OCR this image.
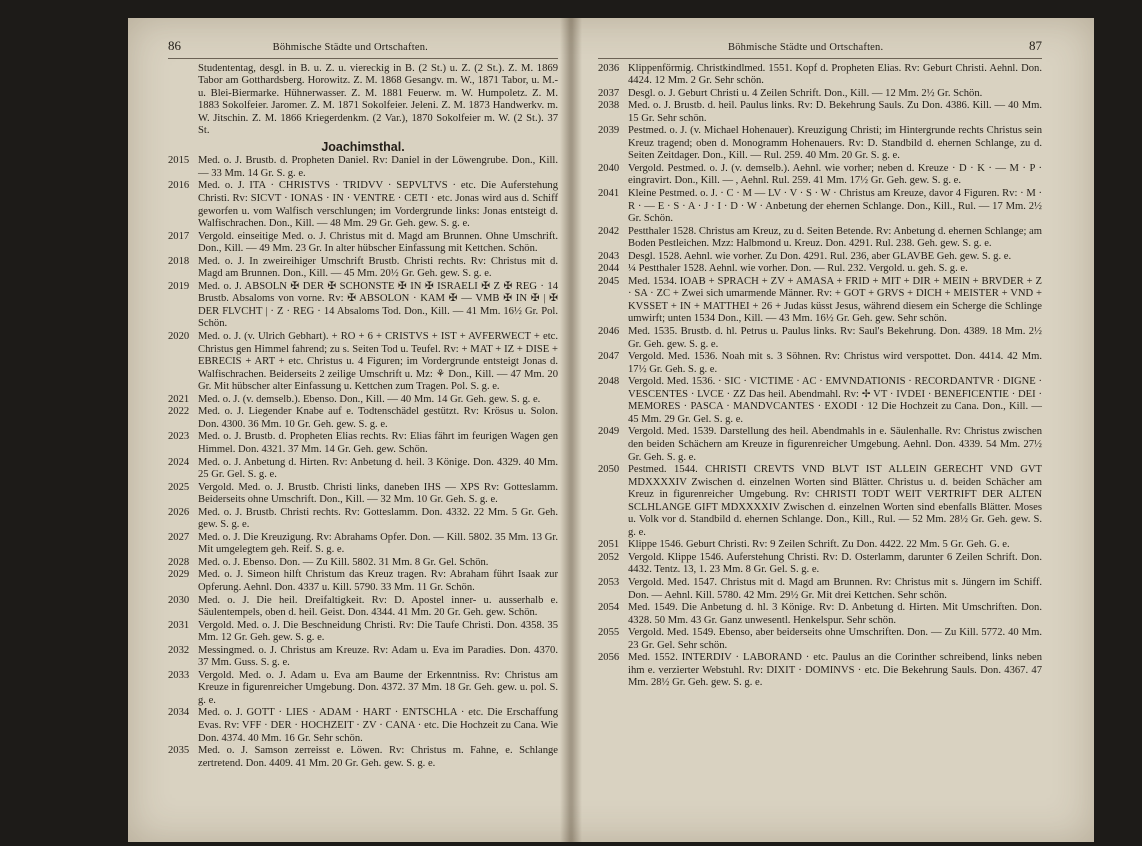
86	Böhmische Städte und Ortschaften.
Studententag, desgl. in B. u. Z. u. viereckig in B. (2 St.) u. Z. (2 St.). Z. M. 1869 Tabor am Gotthardsberg. Horowitz. Z. M. 1868 Gesangv. m. W., 1871 Tabor, u. M.- u. Blei-Biermarke. Hühnerwasser. Z. M. 1881 Feuerw. m. W. Humpoletz. Z. M. 1883 Sokolfeier. Jaromer. Z. M. 1871 Sokolfeier. Jeleni. Z. M. 1873 Handwerkv. m. W. Jitschin. Z. M. 1866 Kriegerdenkm. (2 Var.), 1870 Sokolfeier m. W. (2 St.). 37 St.
Joachimsthal.
2015 Med. o. J. Brustb. d. Propheten Daniel. Rv: Daniel in der Löwengrube. Don., Kill. — 33 Mm. 14 Gr. S. g. e.
2016 Med. o. J. ITA · CHRISTVS · TRIDVV · SEPVLTVS · etc. Die Auferstehung Christi. Rv: SICVT · IONAS · IN · VENTRE · CETI · etc. Jonas wird aus d. Schiff geworfen u. vom Walfisch verschlungen; im Vordergrunde links: Jonas entsteigt d. Walfischrachen. Don., Kill. — 48 Mm. 29 Gr. Geh. gew. S. g. e.
2017 Vergold. einseitige Med. o. J. Christus mit d. Magd am Brunnen. Ohne Umschrift. Don., Kill. — 49 Mm. 23 Gr. In alter hübscher Einfassung mit Kettchen. Schön.
2018 Med. o. J. In zweireihiger Umschrift Brustb. Christi rechts. Rv: Christus mit d. Magd am Brunnen. Don., Kill. — 45 Mm. 20½ Gr. Geh. gew. S. g. e.
2019 Med. o. J. ABSOLN ✠ DER ✠ SCHONSTE ✠ IN ✠ ISRAELI ✠ Z ✠ REG · 14 Brustb. Absaloms von vorne. Rv: ✠ ABSOLON · KAM ✠ — VMB ✠ IN ✠ | ✠ DER FLVCHT | · Z · REG · 14 Absaloms Tod. Don., Kill. — 41 Mm. 16½ Gr. Pol. Schön.
2020 Med. o. J. (v. Ulrich Gebhart). + RO + 6 + CRISTVS + IST + AVFERWECT + etc. Christus gen Himmel fahrend; zu s. Seiten Tod u. Teufel. Rv: + MAT + IZ + DISE + EBRECIS + ART + etc. Christus u. 4 Figuren; im Vordergrunde entsteigt Jonas d. Walfischrachen. Beiderseits 2 zeilige Umschrift u. Mz: ⚘ Don., Kill. — 47 Mm. 20 Gr. Mit hübscher alter Einfassung u. Kettchen zum Tragen. Pol. S. g. e.
2021 Med. o. J. (v. demselb.). Ebenso. Don., Kill. — 40 Mm. 14 Gr. Geh. gew. S. g. e.
2022 Med. o. J. Liegender Knabe auf e. Todtenschädel gestützt. Rv: Krösus u. Solon. Don. 4300. 36 Mm. 10 Gr. Geh. gew. S. g. e.
2023 Med. o. J. Brustb. d. Propheten Elias rechts. Rv: Elias fährt im feurigen Wagen gen Himmel. Don. 4321. 37 Mm. 14 Gr. Geh. gew. Schön.
2024 Med. o. J. Anbetung d. Hirten. Rv: Anbetung d. heil. 3 Könige. Don. 4329. 40 Mm. 25 Gr. Gel. S. g. e.
2025 Vergold. Med. o. J. Brustb. Christi links, daneben IHS — XPS Rv: Gotteslamm. Beiderseits ohne Umschrift. Don., Kill. — 32 Mm. 10 Gr. Geh. S. g. e.
2026 Med. o. J. Brustb. Christi rechts. Rv: Gotteslamm. Don. 4332. 22 Mm. 5 Gr. Geh. gew. S. g. e.
2027 Med. o. J. Die Kreuzigung. Rv: Abrahams Opfer. Don. — Kill. 5802. 35 Mm. 13 Gr. Mit umgelegtem geh. Reif. S. g. e.
2028 Med. o. J. Ebenso. Don. — Zu Kill. 5802. 31 Mm. 8 Gr. Gel. Schön.
2029 Med. o. J. Simeon hilft Christum das Kreuz tragen. Rv: Abraham führt Isaak zur Opferung. Aehnl. Don. 4337 u. Kill. 5790. 33 Mm. 11 Gr. Schön.
2030 Med. o. J. Die heil. Dreifaltigkeit. Rv: D. Apostel inner- u. ausserhalb e. Säulentempels, oben d. heil. Geist. Don. 4344. 41 Mm. 20 Gr. Geh. gew. Schön.
2031 Vergold. Med. o. J. Die Beschneidung Christi. Rv: Die Taufe Christi. Don. 4358. 35 Mm. 12 Gr. Geh. gew. S. g. e.
2032 Messingmed. o. J. Christus am Kreuze. Rv: Adam u. Eva im Paradies. Don. 4370. 37 Mm. Guss. S. g. e.
2033 Vergold. Med. o. J. Adam u. Eva am Baume der Erkenntniss. Rv: Christus am Kreuze in figurenreicher Umgebung. Don. 4372. 37 Mm. 18 Gr. Geh. gew. u. pol. S. g. e.
2034 Med. o. J. GOTT · LIES · ADAM · HART · ENTSCHLA · etc. Die Erschaffung Evas. Rv: VFF · DER · HOCHZEIT · ZV · CANA · etc. Die Hochzeit zu Cana. Wie Don. 4374. 40 Mm. 16 Gr. Sehr schön.
2035 Med. o. J. Samson zerreisst e. Löwen. Rv: Christus m. Fahne, e. Schlange zertretend. Don. 4409. 41 Mm. 20 Gr. Geh. gew. S. g. e.
Böhmische Städte und Ortschaften.	87
2036 Klippenförmig. Christkindlmed. 1551. Kopf d. Propheten Elias. Rv: Geburt Christi. Aehnl. Don. 4424. 12 Mm. 2 Gr. Sehr schön.
2037 Desgl. o. J. Geburt Christi u. 4 Zeilen Schrift. Don., Kill. — 12 Mm. 2½ Gr. Schön.
2038 Med. o. J. Brustb. d. heil. Paulus links. Rv: D. Bekehrung Sauls. Zu Don. 4386. Kill. — 40 Mm. 15 Gr. Sehr schön.
2039 Pestmed. o. J. (v. Michael Hohenauer). Kreuzigung Christi; im Hintergrunde rechts Christus sein Kreuz tragend; oben d. Monogramm Hohenauers. Rv: D. Standbild d. ehernen Schlange, zu d. Seiten Zeitdager. Don., Kill. — Rul. 259. 40 Mm. 20 Gr. S. g. e.
2040 Vergold. Pestmed. o. J. (v. demselb.). Aehnl. wie vorher; neben d. Kreuze · D · K · — M · P · eingravirt. Don., Kill. — , Aehnl. Rul. 259. 41 Mm. 17½ Gr. Geh. gew. S. g. e.
2041 Kleine Pestmed. o. J. · C · M — LV · V · S · W · Christus am Kreuze, davor 4 Figuren. Rv: · M · R · — E · S · A · J · I · D · W · Anbetung der ehernen Schlange. Don., Kill., Rul. — 17 Mm. 2½ Gr. Schön.
2042 Pestthaler 1528. Christus am Kreuz, zu d. Seiten Betende. Rv: Anbetung d. ehernen Schlange; am Boden Pestleichen. Mzz: Halbmond u. Kreuz. Don. 4291. Rul. 238. Geh. gew. S. g. e.
2043 Desgl. 1528. Aehnl. wie vorher. Zu Don. 4291. Rul. 236, aber GLAVBE Geh. gew. S. g. e.
2044 ¼ Pestthaler 1528. Aehnl. wie vorher. Don. — Rul. 232. Vergold. u. geh. S. g. e.
2045 Med. 1534. IOAB + SPRACH + ZV + AMASA + FRID + MIT + DIR + MEIN + BRVDER + Z · SA · ZC + Zwei sich umarmende Männer. Rv: + GOT + GRVS + DICH + MEISTER + VND + KVSSET + IN + MATTHEI + 26 + Judas küsst Jesus, während diesem ein Scherge die Schlinge umwirft; unten 1534 Don., Kill. — 43 Mm. 16½ Gr. Geh. gew. Sehr schön.
2046 Med. 1535. Brustb. d. hl. Petrus u. Paulus links. Rv: Saul's Bekehrung. Don. 4389. 18 Mm. 2½ Gr. Geh. gew. S. g. e.
2047 Vergold. Med. 1536. Noah mit s. 3 Söhnen. Rv: Christus wird verspottet. Don. 4414. 42 Mm. 17½ Gr. Geh. S. g. e.
2048 Vergold. Med. 1536. · SIC · VICTIME · AC · EMVNDATIONIS · RECORDANTVR · DIGNE · VESCENTES · LVCE · ZZ Das heil. Abendmahl. Rv: ✢ VT · IVDEI · BENEFICENTIE · DEI · MEMORES · PASCA · MANDVCANTES · EXODI · 12 Die Hochzeit zu Cana. Don., Kill. — 45 Mm. 29 Gr. Gel. S. g. e.
2049 Vergold. Med. 1539. Darstellung des heil. Abendmahls in e. Säulenhalle. Rv: Christus zwischen den beiden Schächern am Kreuze in figurenreicher Umgebung. Aehnl. Don. 4339. 54 Mm. 27½ Gr. Geh. S. g. e.
2050 Pestmed. 1544. CHRISTI CREVTS VND BLVT IST ALLEIN GERECHT VND GVT MDXXXXIV Zwischen d. einzelnen Worten sind Blätter. Christus u. d. beiden Schächer am Kreuz in figurenreicher Umgebung. Rv: CHRISTI TODT WEIT VERTRIFT DER ALTEN SCLHLANGE GIFT MDXXXXIV Zwischen d. einzelnen Worten sind ebenfalls Blätter. Moses u. Volk vor d. Standbild d. ehernen Schlange. Don., Kill., Rul. — 52 Mm. 28½ Gr. Geh. gew. S. g. e.
2051 Klippe 1546. Geburt Christi. Rv: 9 Zeilen Schrift. Zu Don. 4422. 22 Mm. 5 Gr. Geh. G. e.
2052 Vergold. Klippe 1546. Auferstehung Christi. Rv: D. Osterlamm, darunter 6 Zeilen Schrift. Don. 4432. Tentz. 13, 1. 23 Mm. 8 Gr. Gel. S. g. e.
2053 Vergold. Med. 1547. Christus mit d. Magd am Brunnen. Rv: Christus mit s. Jüngern im Schiff. Don. — Aehnl. Kill. 5780. 42 Mm. 29½ Gr. Mit drei Kettchen. Sehr schön.
2054 Med. 1549. Die Anbetung d. hl. 3 Könige. Rv: D. Anbetung d. Hirten. Mit Umschriften. Don. 4328. 50 Mm. 43 Gr. Ganz unwesentl. Henkelspur. Sehr schön.
2055 Vergold. Med. 1549. Ebenso, aber beiderseits ohne Umschriften. Don. — Zu Kill. 5772. 40 Mm. 23 Gr. Gel. Sehr schön.
2056 Med. 1552. INTERDIV · LABORAND · etc. Paulus an die Corinther schreibend, links neben ihm e. verzierter Webstuhl. Rv: DIXIT · DOMINVS · etc. Die Bekehrung Sauls. Don. 4367. 47 Mm. 28½ Gr. Geh. gew. S. g. e.
